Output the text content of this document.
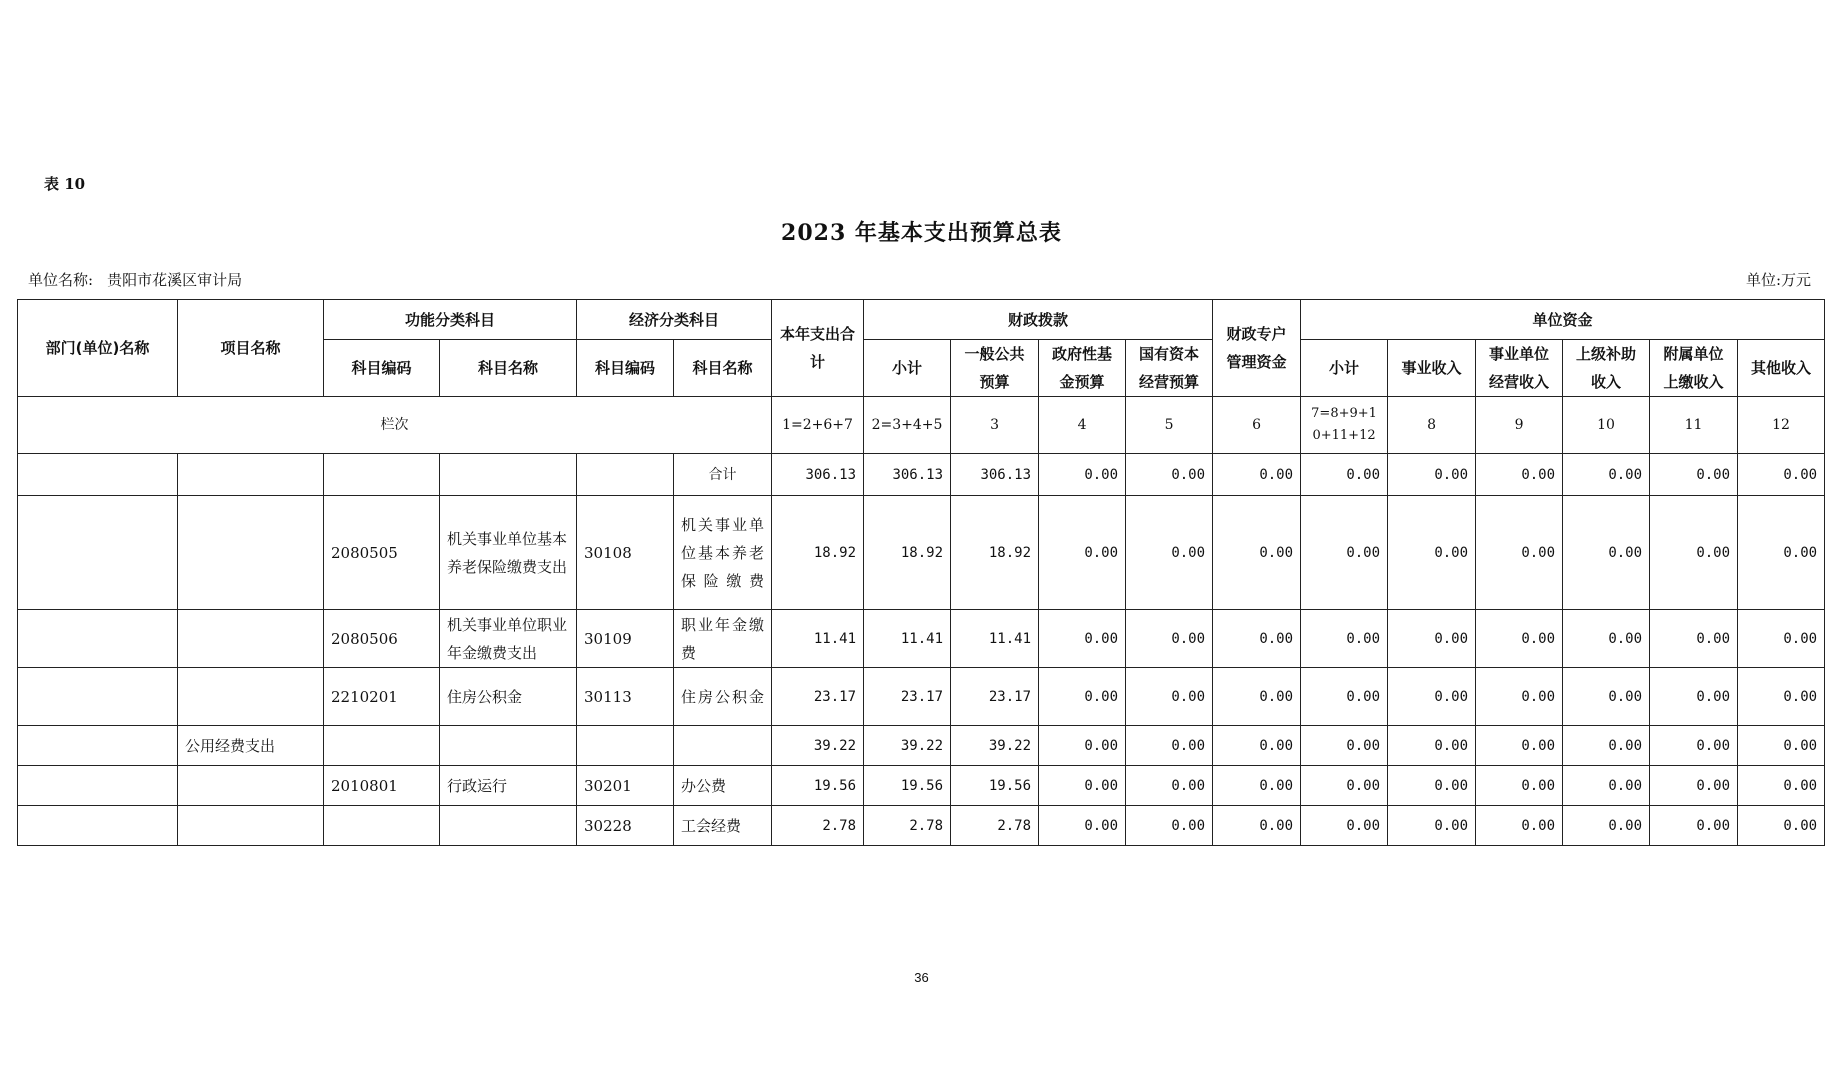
表 10
2023 年基本支出预算总表
单位名称: 贵阳市花溪区审计局	单位:万元
部门(单位)名称	项目名称	功能分类科目		经济分类科目		本年支出合计	财政拨款				财政专户管理资金	单位资金					
		科目编码	科目名称	科目编码	科目名称		小计	一般公共预算	政府性基金预算	国有资本经营预算		小计	事业收入	事业单位经营收入	上级补助收入	附属单位上缴收入	其他收入
栏次						1=2+6+7	2=3+4+5	3	4	5	6	7=8+9+10+11+12	8	9	10	11	12
					合计	306.13	306.13	306.13	0.00	0.00	0.00	0.00	0.00	0.00	0.00	0.00	0.00
		2080505	机关事业单位基本养老保险缴费支出	30108	机关事业单位基本养老保险缴费	18.92	18.92	18.92	0.00	0.00	0.00	0.00	0.00	0.00	0.00	0.00	0.00
		2080506	机关事业单位职业年金缴费支出	30109	职业年金缴费	11.41	11.41	11.41	0.00	0.00	0.00	0.00	0.00	0.00	0.00	0.00	0.00
		2210201	住房公积金	30113	住房公积金	23.17	23.17	23.17	0.00	0.00	0.00	0.00	0.00	0.00	0.00	0.00	0.00
	公用经费支出					39.22	39.22	39.22	0.00	0.00	0.00	0.00	0.00	0.00	0.00	0.00	0.00
		2010801	行政运行	30201	办公费	19.56	19.56	19.56	0.00	0.00	0.00	0.00	0.00	0.00	0.00	0.00	0.00
				30228	工会经费	2.78	2.78	2.78	0.00	0.00	0.00	0.00	0.00	0.00	0.00	0.00	0.00
36
